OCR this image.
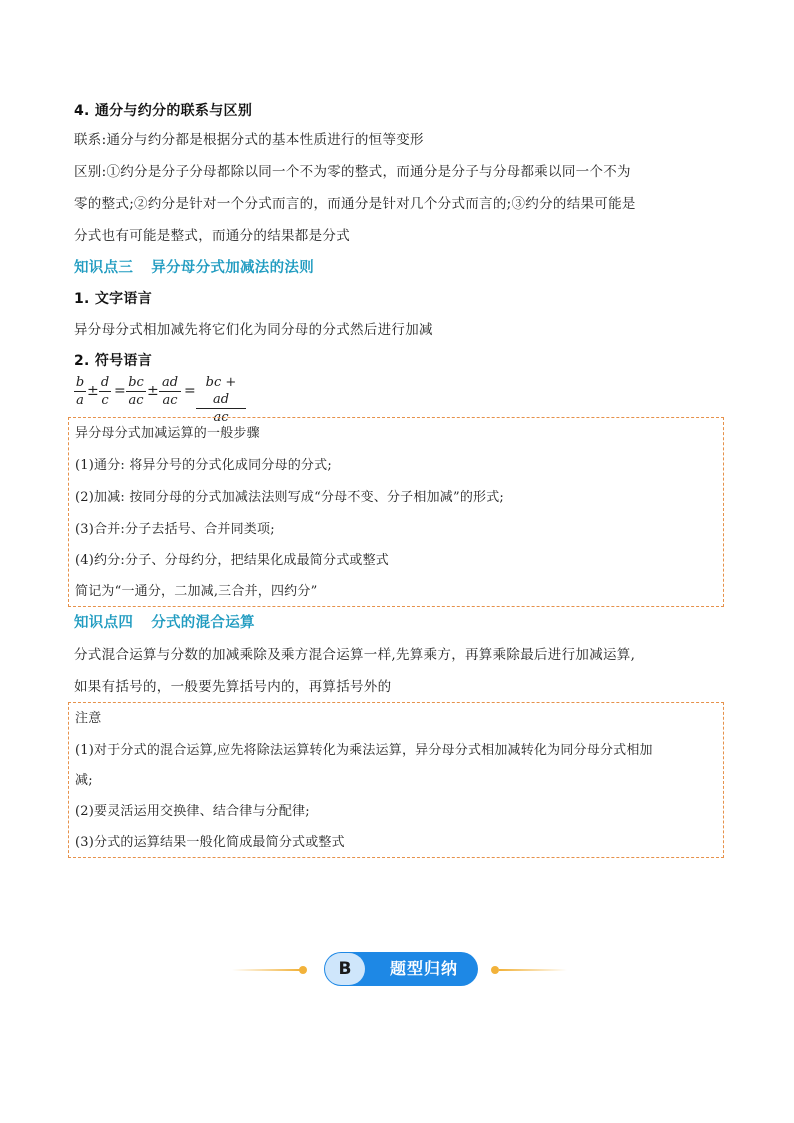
4. 通分与约分的联系与区别
联系:通分与约分都是根据分式的基本性质进行的恒等变形
区别:①约分是分子分母都除以同一个不为零的整式，而通分是分子与分母都乘以同一个不为
零的整式;②约分是针对一个分式而言的，而通分是针对几个分式而言的;③约分的结果可能是
分式也有可能是整式，而通分的结果都是分式
知识点三 异分母分式加减法的法则
1. 文字语言
异分母分式相加减先将它们化为同分母的分式然后进行加减
2. 符号语言
$\frac{b}{a} \pm \frac{d}{c} = \frac{bc}{ac} \pm \frac{ad}{ac} = \frac{bc + ad}{ac}$
异分母分式加减运算的一般步骤
(1)通分: 将异分号的分式化成同分母的分式;
(2)加减: 按同分母的分式加减法法则写成“分母不变、分子相加减”的形式;
(3)合并:分子去括号、合并同类项;
(4)约分:分子、分母约分，把结果化成最简分式或整式
简记为“一通分，二加减,三合并，四约分”
知识点四 分式的混合运算
分式混合运算与分数的加减乘除及乘方混合运算一样,先算乘方，再算乘除最后进行加减运算,
如果有括号的，一般要先算括号内的，再算括号外的
注意
(1)对于分式的混合运算,应先将除法运算转化为乘法运算，异分母分式相加减转化为同分母分式相加
减;
(2)要灵活运用交换律、结合律与分配律;
(3)分式的运算结果一般化简成最简分式或整式
B	题型归纳
